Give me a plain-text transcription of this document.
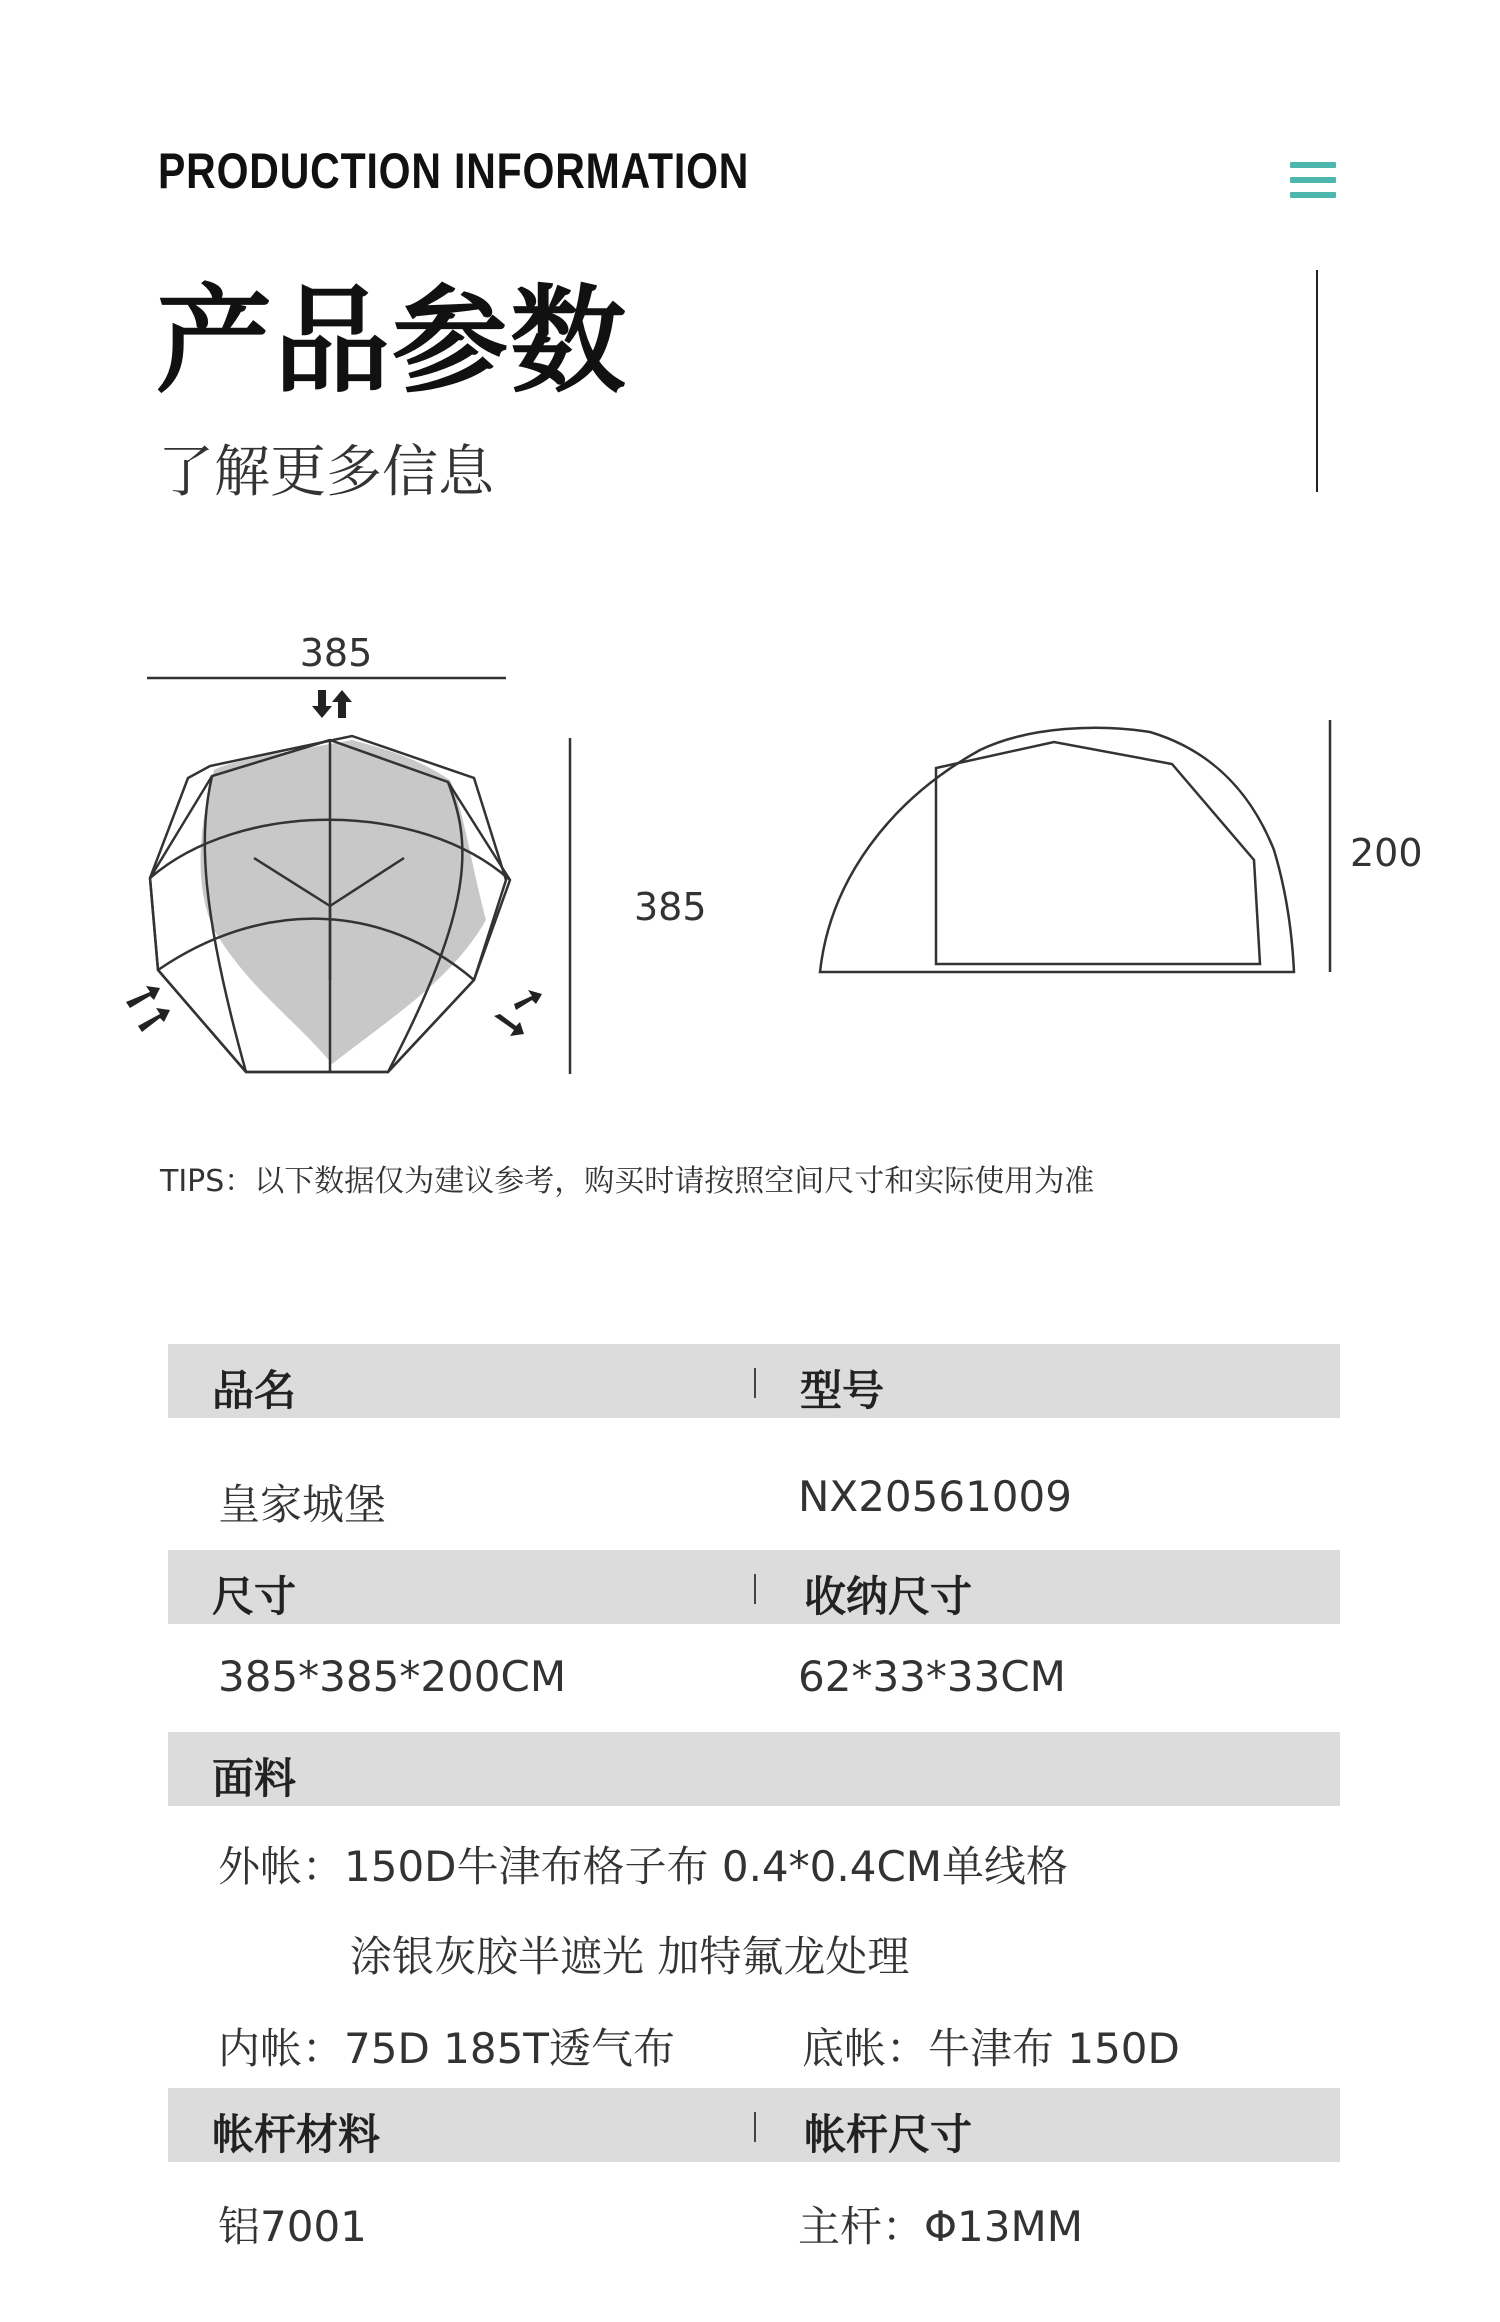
PRODUCTION INFORMATION
产品参数
了解更多信息
385
385
200
TIPS：以下数据仅为建议参考，购买时请按照空间尺寸和实际使用为准
品名	型号
皇家城堡	NX20561009
尺寸	收纳尺寸
385*385*200CM	62*33*33CM
面料
外帐：150D牛津布格子布 0.4*0.4CM单线格
涂银灰胶半遮光 加特氟龙处理
内帐：75D 185T透气布	底帐：牛津布 150D
帐杆材料	帐杆尺寸
铝7001	主杆：Φ13MM
